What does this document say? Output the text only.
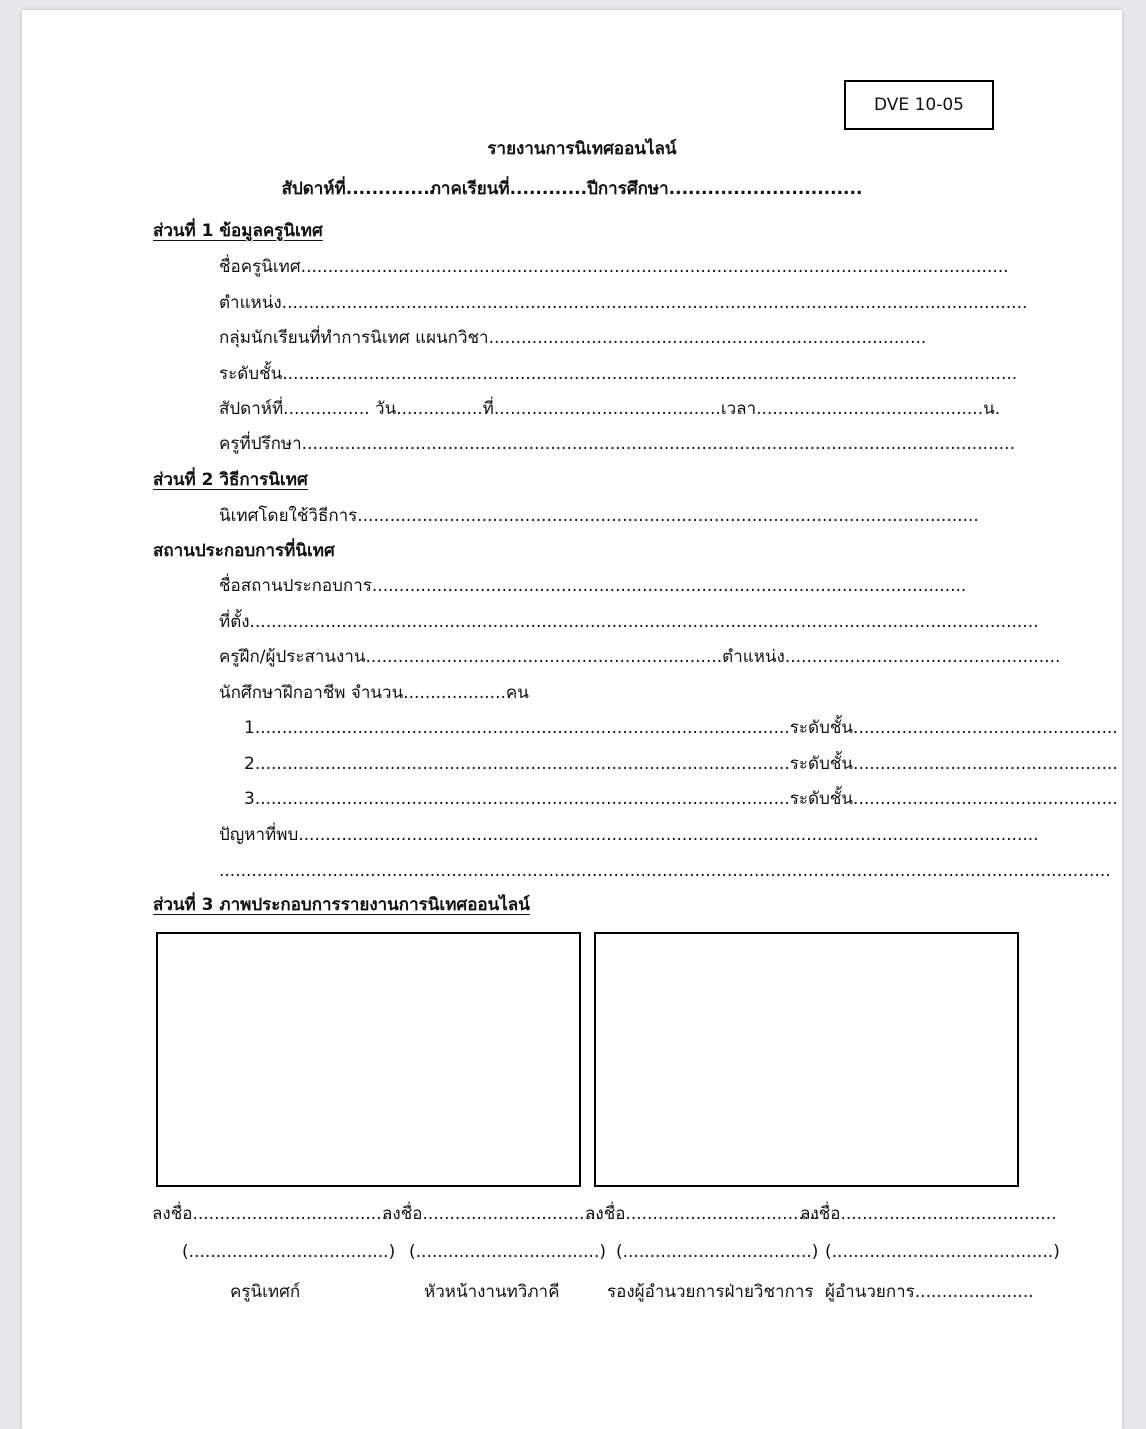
DVE 10-05
รายงานการนิเทศออนไลน์
สัปดาห์ที่.............ภาคเรียนที่............ปีการศึกษา..............................
ส่วนที่ 1 ข้อมูลครูนิเทศ
ชื่อครูนิเทศ...................................................................................................................................
ตำแหน่ง..........................................................................................................................................
กลุ่มนักเรียนที่ทำการนิเทศ แผนกวิชา.................................................................................
ระดับชั้น........................................................................................................................................
สัปดาห์ที่................ วัน................ที่..........................................เวลา..........................................น.
ครูที่ปรึกษา....................................................................................................................................
ส่วนที่ 2 วิธีการนิเทศ
นิเทศโดยใช้วิธีการ...................................................................................................................
สถานประกอบการที่นิเทศ
ชื่อสถานประกอบการ..............................................................................................................
ที่ตั้ง..................................................................................................................................................
ครูฝึก/ผู้ประสานงาน..................................................................ตำแหน่ง...................................................
นักศึกษาฝึกอาชีพ จำนวน...................คน
1...................................................................................................ระดับชั้น.................................................
2...................................................................................................ระดับชั้น.................................................
3...................................................................................................ระดับชั้น.................................................
ปัญหาที่พบ.........................................................................................................................................
.....................................................................................................................................................................
ส่วนที่ 3 ภาพประกอบการรายงานการนิเทศออนไลน์
ลงชื่อ.....................................
ลงชื่อ.................................
ลงชื่อ....................................
ลงชื่อ........................................
(.....................................) (..................................) (...................................) (.........................................)
ครูนิเทศก์	หัวหน้างานทวิภาคี	รองผู้อำนวยการฝ่ายวิชาการ ผู้อำนวยการ......................
